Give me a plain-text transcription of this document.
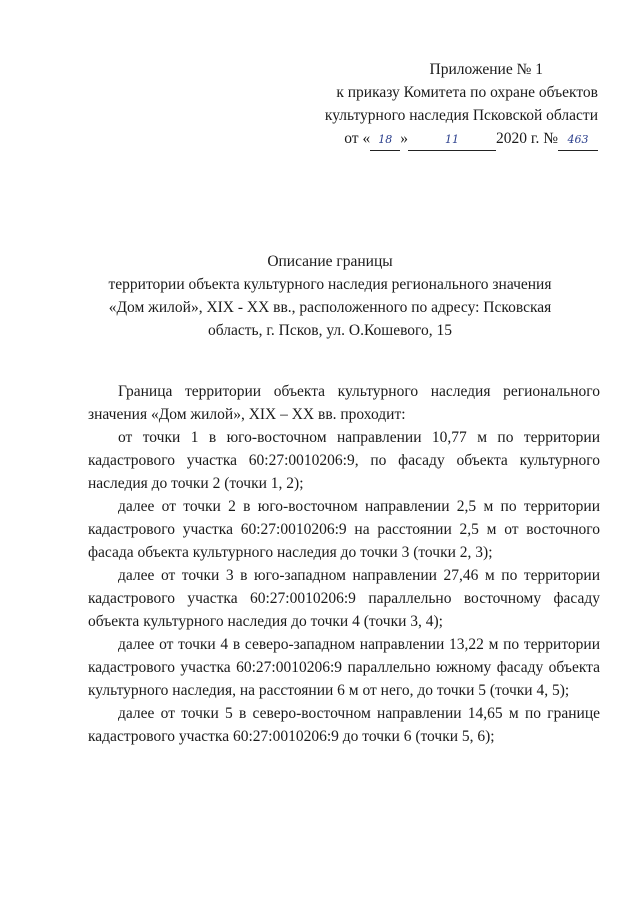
Приложение № 1
к приказу Комитета по охране объектов
культурного наследия Псковской области
от « 18 »	11	2020 г. № 463
Описание границы
территории объекта культурного наследия регионального значения
«Дом жилой», XIX - XX вв., расположенного по адресу: Псковская
область, г. Псков, ул. О.Кошевого, 15

Граница территории объекта культурного наследия регионального значения «Дом жилой», XIX – XX вв. проходит:

от точки 1 в юго-восточном направлении 10,77 м по территории кадастрового участка 60:27:0010206:9, по фасаду объекта культурного наследия до точки 2 (точки 1, 2);

далее от точки 2 в юго-восточном направлении 2,5 м по территории кадастрового участка 60:27:0010206:9 на расстоянии 2,5 м от восточного фасада объекта культурного наследия до точки 3 (точки 2, 3);

далее от точки 3 в юго-западном направлении 27,46 м по территории кадастрового участка 60:27:0010206:9 параллельно восточному фасаду объекта культурного наследия до точки 4 (точки 3, 4);

далее от точки 4 в северо-западном направлении 13,22 м по территории кадастрового участка 60:27:0010206:9 параллельно южному фасаду объекта культурного наследия, на расстоянии 6 м от него, до точки 5 (точки 4, 5);

далее от точки 5 в северо-восточном направлении 14,65 м по границе кадастрового участка 60:27:0010206:9 до точки 6 (точки 5, 6);
